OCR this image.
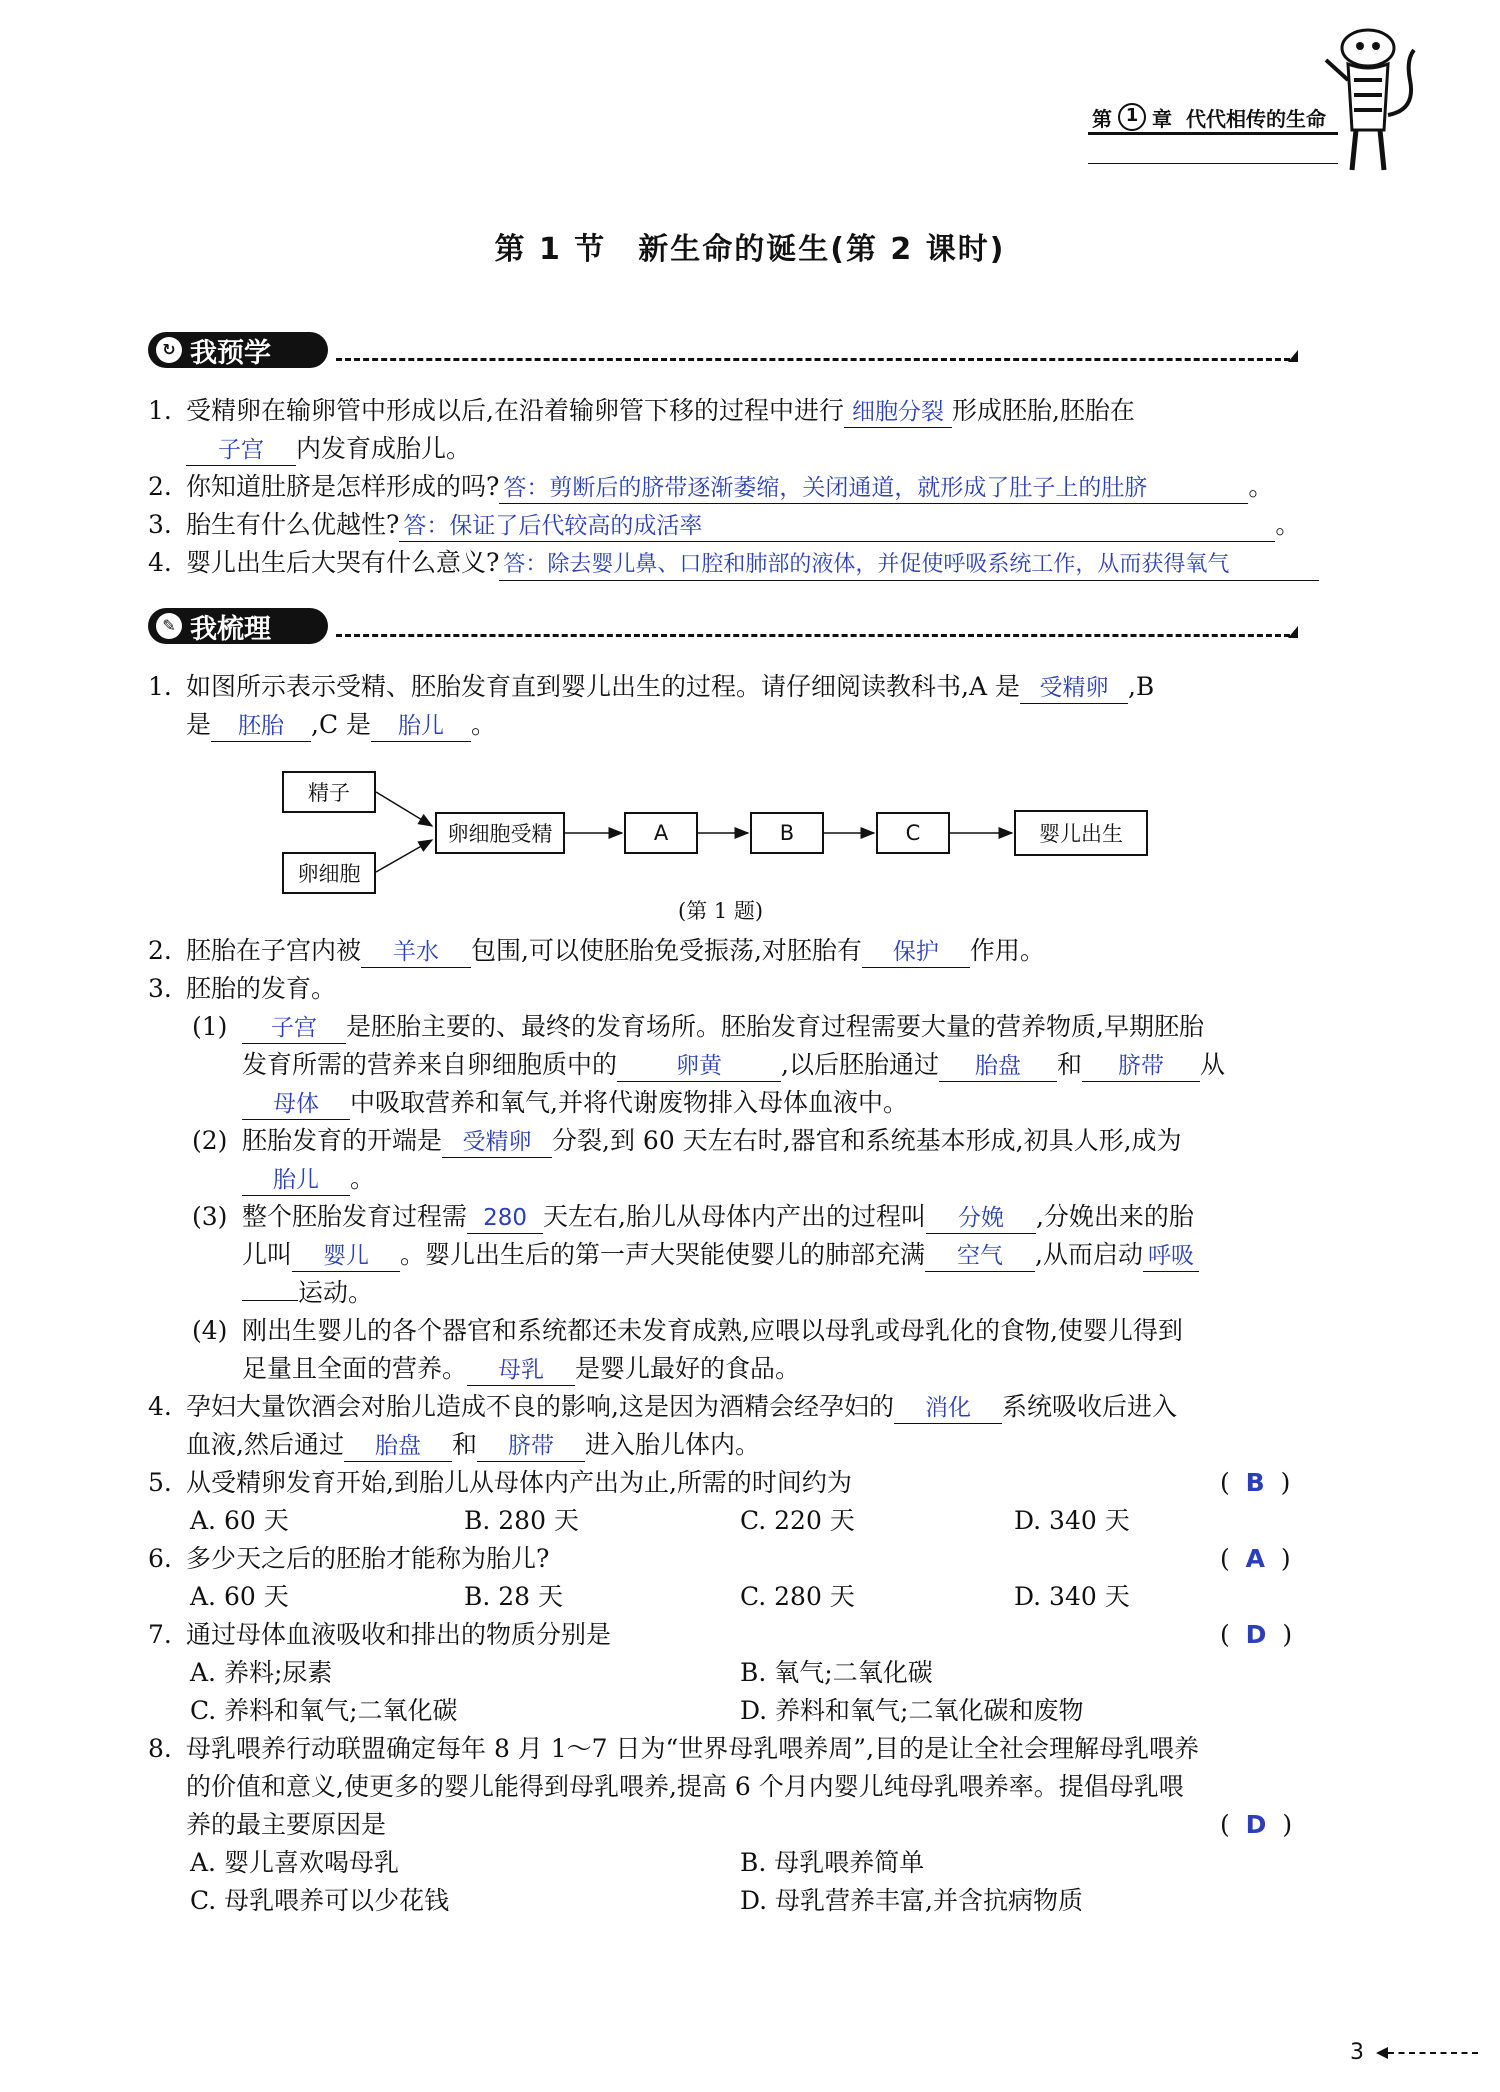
第 1 章 代代相传的生命
第 1 节　新生命的诞生(第 2 课时)
↻ 我预学
1. 受精卵在输卵管中形成以后,在沿着输卵管下移的过程中进行 细胞分裂 形成胚胎,胚胎在
子宫 内发育成胎儿。
2. 你知道肚脐是怎样形成的吗? 答：剪断后的脐带逐渐萎缩，关闭通道，就形成了肚子上的肚脐	。
3. 胎生有什么优越性? 答：保证了后代较高的成活率	。
4. 婴儿出生后大哭有什么意义? 答：除去婴儿鼻、口腔和肺部的液体，并促使呼吸系统工作，从而获得氧气
✎ 我梳理
1. 如图所示表示受精、胚胎发育直到婴儿出生的过程。请仔细阅读教科书,A 是 受精卵 ,B
是 胚胎 ,C 是 胎儿 。
精子
卵细胞
卵细胞受精	A	B	C	婴儿出生
(第 1 题)
2. 胚胎在子宫内被 羊水 包围,可以使胚胎免受振荡,对胚胎有 保护 作用。
3. 胚胎的发育。
(1) 子宫 是胚胎主要的、最终的发育场所。胚胎发育过程需要大量的营养物质,早期胚胎
发育所需的营养来自卵细胞质中的	卵黄 ,以后胚胎通过 胎盘 和 脐带 从
母体 中吸取营养和氧气,并将代谢废物排入母体血液中。
(2) 胚胎发育的开端是 受精卵 分裂,到 60 天左右时,器官和系统基本形成,初具人形,成为
胎儿 。
(3) 整个胚胎发育过程需 280 天左右,胎儿从母体内产出的过程叫 分娩 ,分娩出来的胎
儿叫 婴儿 。婴儿出生后的第一声大哭能使婴儿的肺部充满 空气 ,从而启动 呼吸
运动。
(4) 刚出生婴儿的各个器官和系统都还未发育成熟,应喂以母乳或母乳化的食物,使婴儿得到
足量且全面的营养。 母乳 是婴儿最好的食品。
4. 孕妇大量饮酒会对胎儿造成不良的影响,这是因为酒精会经孕妇的 消化 系统吸收后进入
血液,然后通过 胎盘 和 脐带 进入胎儿体内。
5. 从受精卵发育开始,到胎儿从母体内产出为止,所需的时间约为	(  B  )
A. 60 天	B. 280 天	C. 220 天	D. 340 天
6. 多少天之后的胚胎才能称为胎儿?	(  A  )
A. 60 天	B. 28 天	C. 280 天	D. 340 天
7. 通过母体血液吸收和排出的物质分别是	(  D  )
A. 养料;尿素	B. 氧气;二氧化碳
C. 养料和氧气;二氧化碳	D. 养料和氧气;二氧化碳和废物
8. 母乳喂养行动联盟确定每年 8 月 1～7 日为“世界母乳喂养周”,目的是让全社会理解母乳喂养
的价值和意义,使更多的婴儿能得到母乳喂养,提高 6 个月内婴儿纯母乳喂养率。提倡母乳喂
养的最主要原因是	(  D  )
A. 婴儿喜欢喝母乳	B. 母乳喂养简单
C. 母乳喂养可以少花钱	D. 母乳营养丰富,并含抗病物质
3
